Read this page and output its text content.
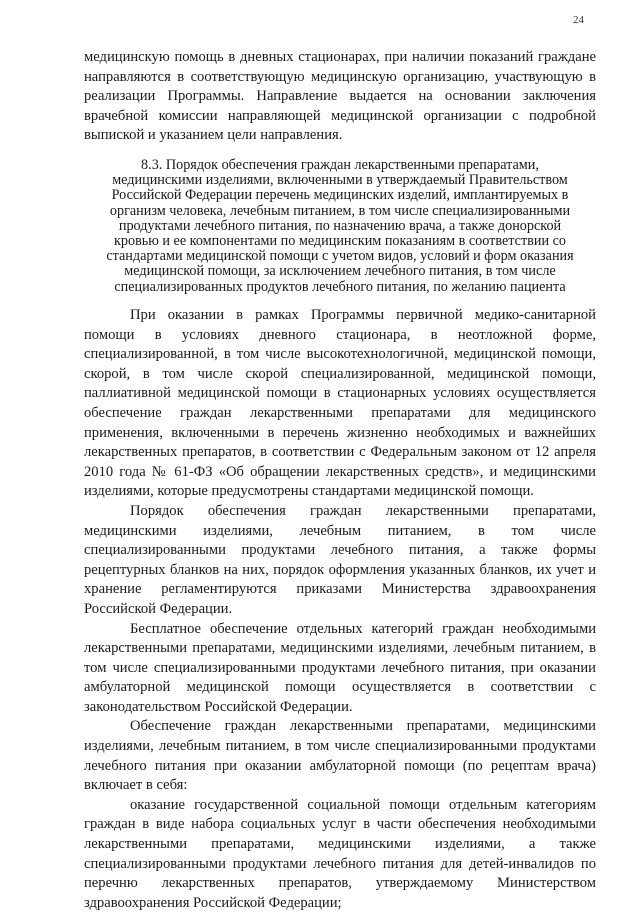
24

медицинскую помощь в дневных стационарах, при наличии показаний граждане направляются в соответствующую медицинскую организацию, участвующую в реализации Программы. Направление выдается на основании заключения врачебной комиссии направляющей медицинской организации с подробной выпиской и указанием цели направления.

8.3. Порядок обеспечения граждан лекарственными препаратами, медицинскими изделиями, включенными в утверждаемый Правительством Российской Федерации перечень медицинских изделий, имплантируемых в организм человека, лечебным питанием, в том числе специализированными продуктами лечебного питания, по назначению врача, а также донорской кровью и ее компонентами по медицинским показаниям в соответствии со стандартами медицинской помощи с учетом видов, условий и форм оказания медицинской помощи, за исключением лечебного питания, в том числе специализированных продуктов лечебного питания, по желанию пациента

При оказании в рамках Программы первичной медико-санитарной помощи в условиях дневного стационара, в неотложной форме, специализированной, в том числе высокотехнологичной, медицинской помощи, скорой, в том числе скорой специализированной, медицинской помощи, паллиативной медицинской помощи в стационарных условиях осуществляется обеспечение граждан лекарственными препаратами для медицинского применения, включенными в перечень жизненно необходимых и важнейших лекарственных препаратов, в соответствии с Федеральным законом от 12 апреля 2010 года № 61-ФЗ «Об обращении лекарственных средств», и медицинскими изделиями, которые предусмотрены стандартами медицинской помощи.

Порядок обеспечения граждан лекарственными препаратами, медицинскими изделиями, лечебным питанием, в том числе специализированными продуктами лечебного питания, а также формы рецептурных бланков на них, порядок оформления указанных бланков, их учет и хранение регламентируются приказами Министерства здравоохранения Российской Федерации.

Бесплатное обеспечение отдельных категорий граждан необходимыми лекарственными препаратами, медицинскими изделиями, лечебным питанием, в том числе специализированными продуктами лечебного питания, при оказании амбулаторной медицинской помощи осуществляется в соответствии с законодательством Российской Федерации.

Обеспечение граждан лекарственными препаратами, медицинскими изделиями, лечебным питанием, в том числе специализированными продуктами лечебного питания при оказании амбулаторной помощи (по рецептам врача) включает в себя:

оказание государственной социальной помощи отдельным категориям граждан в виде набора социальных услуг в части обеспечения необходимыми лекарственными препаратами, медицинскими изделиями, а также специализированными продуктами лечебного питания для детей-инвалидов по перечню лекарственных препаратов, утверждаемому Министерством здравоохранения Российской Федерации;
